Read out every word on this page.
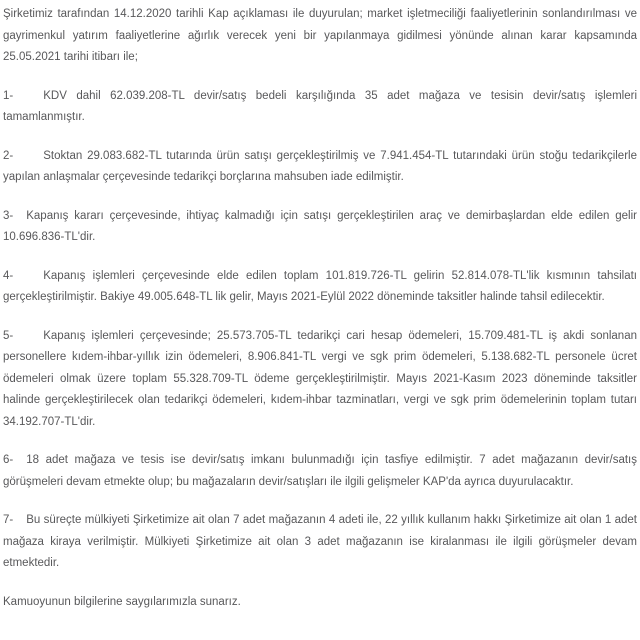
Şirketimiz tarafından 14.12.2020 tarihli Kap açıklaması ile duyurulan; market işletmeciliği faaliyetlerinin sonlandırılması ve gayrimenkul yatırım faaliyetlerine ağırlık verecek yeni bir yapılanmaya gidilmesi yönünde alınan karar kapsamında 25.05.2021 tarihi itibarı ile;

1-	KDV dahil 62.039.208-TL devir/satış bedeli karşılığında 35 adet mağaza ve tesisin devir/satış işlemleri tamamlanmıştır.

2-	Stoktan 29.083.682-TL tutarında ürün satışı gerçekleştirilmiş ve 7.941.454-TL tutarındaki ürün stoğu tedarikçilerle yapılan anlaşmalar çerçevesinde tedarikçi borçlarına mahsuben iade edilmiştir.

3- Kapanış kararı çerçevesinde, ihtiyaç kalmadığı için satışı gerçekleştirilen araç ve demirbaşlardan elde edilen gelir 10.696.836-TL'dir.

4-	Kapanış işlemleri çerçevesinde elde edilen toplam 101.819.726-TL gelirin 52.814.078-TL'lik kısmının tahsilatı gerçekleştirilmiştir. Bakiye 49.005.648-TL lik gelir, Mayıs 2021-Eylül 2022 döneminde taksitler halinde tahsil edilecektir.

5-	Kapanış işlemleri çerçevesinde; 25.573.705-TL tedarikçi cari hesap ödemeleri, 15.709.481-TL iş akdi sonlanan personellere kıdem-ihbar-yıllık izin ödemeleri, 8.906.841-TL vergi ve sgk prim ödemeleri, 5.138.682-TL personele ücret ödemeleri olmak üzere toplam 55.328.709-TL ödeme gerçekleştirilmiştir. Mayıs 2021-Kasım 2023 döneminde taksitler halinde gerçekleştirilecek olan tedarikçi ödemeleri, kıdem-ihbar tazminatları, vergi ve sgk prim ödemelerinin toplam tutarı 34.192.707-TL'dir.

6- 18 adet mağaza ve tesis ise devir/satış imkanı bulunmadığı için tasfiye edilmiştir. 7 adet mağazanın devir/satış görüşmeleri devam etmekte olup; bu mağazaların devir/satışları ile ilgili gelişmeler KAP'da ayrıca duyurulacaktır.

7- Bu süreçte mülkiyeti Şirketimize ait olan 7 adet mağazanın 4 adeti ile, 22 yıllık kullanım hakkı Şirketimize ait olan 1 adet mağaza kiraya verilmiştir. Mülkiyeti Şirketimize ait olan 3 adet mağazanın ise kiralanması ile ilgili görüşmeler devam etmektedir.

Kamuoyunun bilgilerine saygılarımızla sunarız.
